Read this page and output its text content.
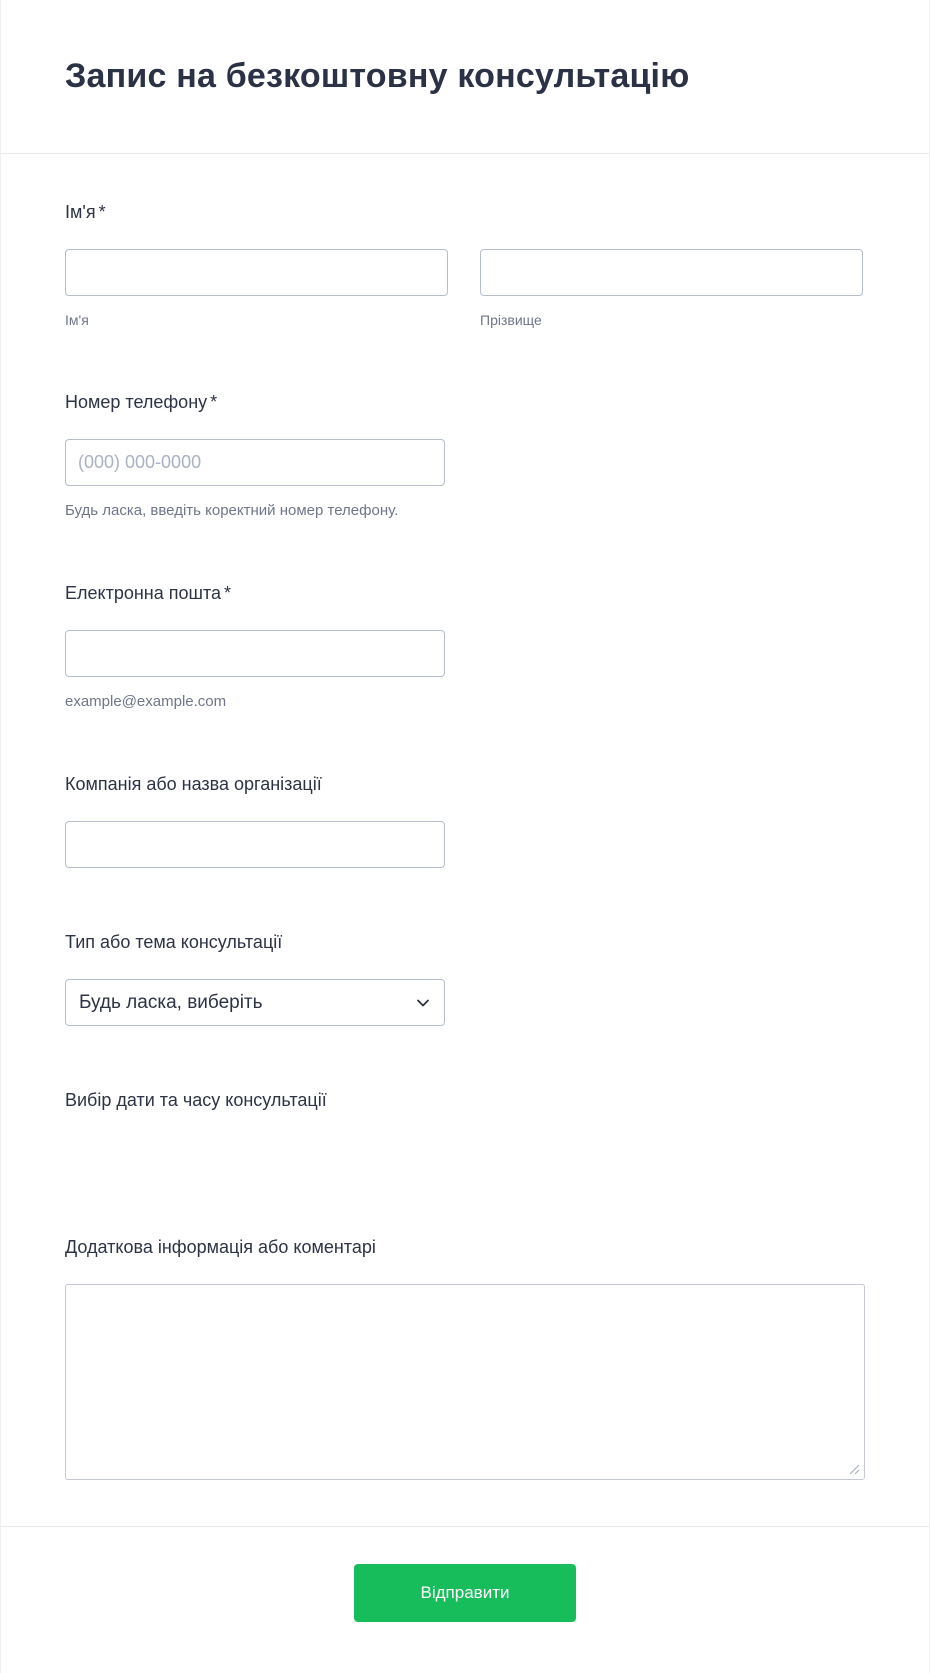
Запис на безкоштовну консультацію
Ім'я *
Ім'я	Прізвище
Номер телефону *
(000) 000-0000
Будь ласка, введіть коректний номер телефону.
Електронна пошта *
example@example.com
Компанія або назва організації
Тип або тема консультації
Будь ласка, виберіть
Вибір дати та часу консультації
Додаткова інформація або коментарі
Відправити
